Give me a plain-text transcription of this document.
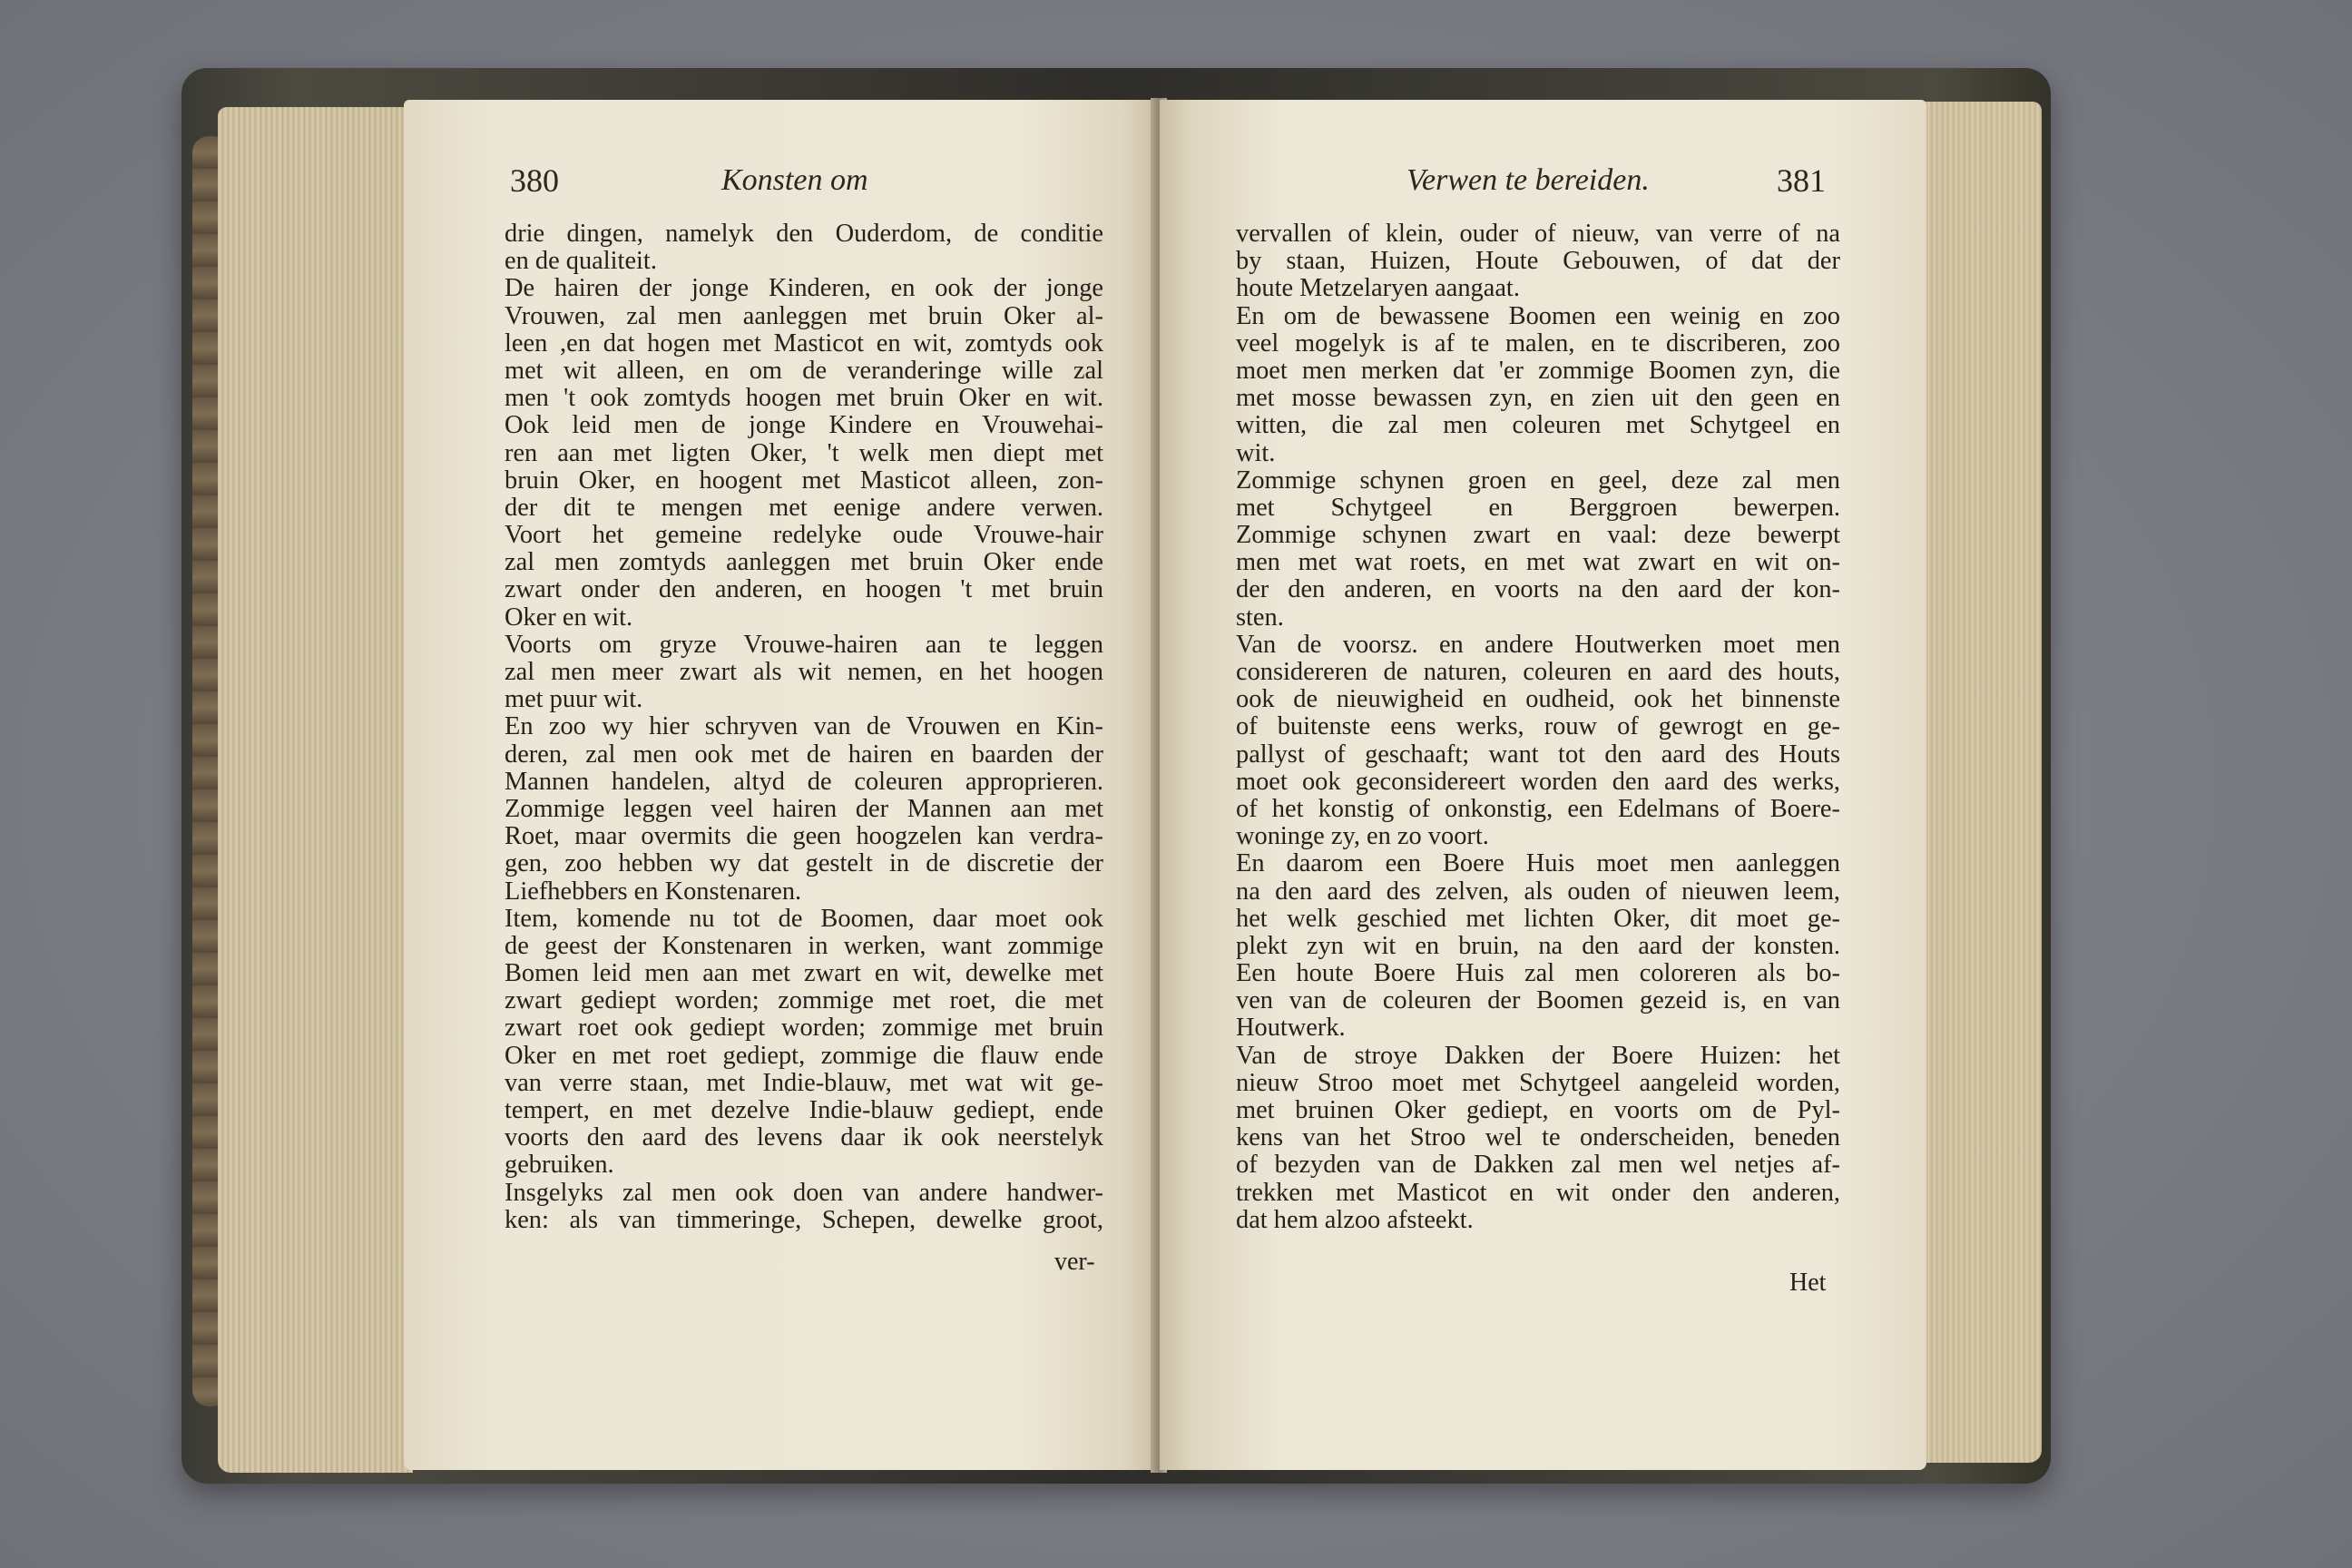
380	Konsten om
drie dingen, namelyk den Ouderdom, de conditie
en de qualiteit.
De hairen der jonge Kinderen, en ook der jonge
Vrouwen, zal men aanleggen met bruin Oker al-
leen ,en dat hogen met Masticot en wit, zomtyds ook
met wit alleen, en om de veranderinge wille zal
men 't ook zomtyds hoogen met bruin Oker en wit.
Ook leid men de jonge Kindere en Vrouwehai-
ren aan met ligten Oker, 't welk men diept met
bruin Oker, en hoogent met Masticot alleen, zon-
der dit te mengen met eenige andere verwen.
Voort het gemeine redelyke oude Vrouwe-hair
zal men zomtyds aanleggen met bruin Oker ende
zwart onder den anderen, en hoogen 't met bruin
Oker en wit.
Voorts om gryze Vrouwe-hairen aan te leggen
zal men meer zwart als wit nemen, en het hoogen
met puur wit.
En zoo wy hier schryven van de Vrouwen en Kin-
deren, zal men ook met de hairen en baarden der
Mannen handelen, altyd de coleuren approprieren.
Zommige leggen veel hairen der Mannen aan met
Roet, maar overmits die geen hoogzelen kan verdra-
gen, zoo hebben wy dat gestelt in de discretie der
Liefhebbers en Konstenaren.
Item, komende nu tot de Boomen, daar moet ook
de geest der Konstenaren in werken, want zommige
Bomen leid men aan met zwart en wit, dewelke met
zwart gediept worden; zommige met roet, die met
zwart roet ook gediept worden; zommige met bruin
Oker en met roet gediept, zommige die flauw ende
van verre staan, met Indie-blauw, met wat wit ge-
tempert, en met dezelve Indie-blauw gediept, ende
voorts den aard des levens daar ik ook neerstelyk
gebruiken.
Insgelyks zal men ook doen van andere handwer-
ken: als van timmeringe, Schepen, dewelke groot,
ver-
Verwen te bereiden.	381
vervallen of klein, ouder of nieuw, van verre of na
by staan, Huizen, Houte Gebouwen, of dat der
houte Metzelaryen aangaat.
En om de bewassene Boomen een weinig en zoo
veel mogelyk is af te malen, en te discriberen, zoo
moet men merken dat 'er zommige Boomen zyn, die
met mosse bewassen zyn, en zien uit den geen en
witten, die zal men coleuren met Schytgeel en
wit.
Zommige schynen groen en geel, deze zal men
met Schytgeel en Berggroen bewerpen.
Zommige schynen zwart en vaal: deze bewerpt
men met wat roets, en met wat zwart en wit on-
der den anderen, en voorts na den aard der kon-
sten.
Van de voorsz. en andere Houtwerken moet men
considereren de naturen, coleuren en aard des houts,
ook de nieuwigheid en oudheid, ook het binnenste
of buitenste eens werks, rouw of gewrogt en ge-
pallyst of geschaaft; want tot den aard des Houts
moet ook geconsidereert worden den aard des werks,
of het konstig of onkonstig, een Edelmans of Boere-
woninge zy, en zo voort.
En daarom een Boere Huis moet men aanleggen
na den aard des zelven, als ouden of nieuwen leem,
het welk geschied met lichten Oker, dit moet ge-
plekt zyn wit en bruin, na den aard der konsten.
Een houte Boere Huis zal men coloreren als bo-
ven van de coleuren der Boomen gezeid is, en van
Houtwerk.
Van de stroye Dakken der Boere Huizen: het
nieuw Stroo moet met Schytgeel aangeleid worden,
met bruinen Oker gediept, en voorts om de Pyl-
kens van het Stroo wel te onderscheiden, beneden
of bezyden van de Dakken zal men wel netjes af-
trekken met Masticot en wit onder den anderen,
dat hem alzoo afsteekt.
Het
